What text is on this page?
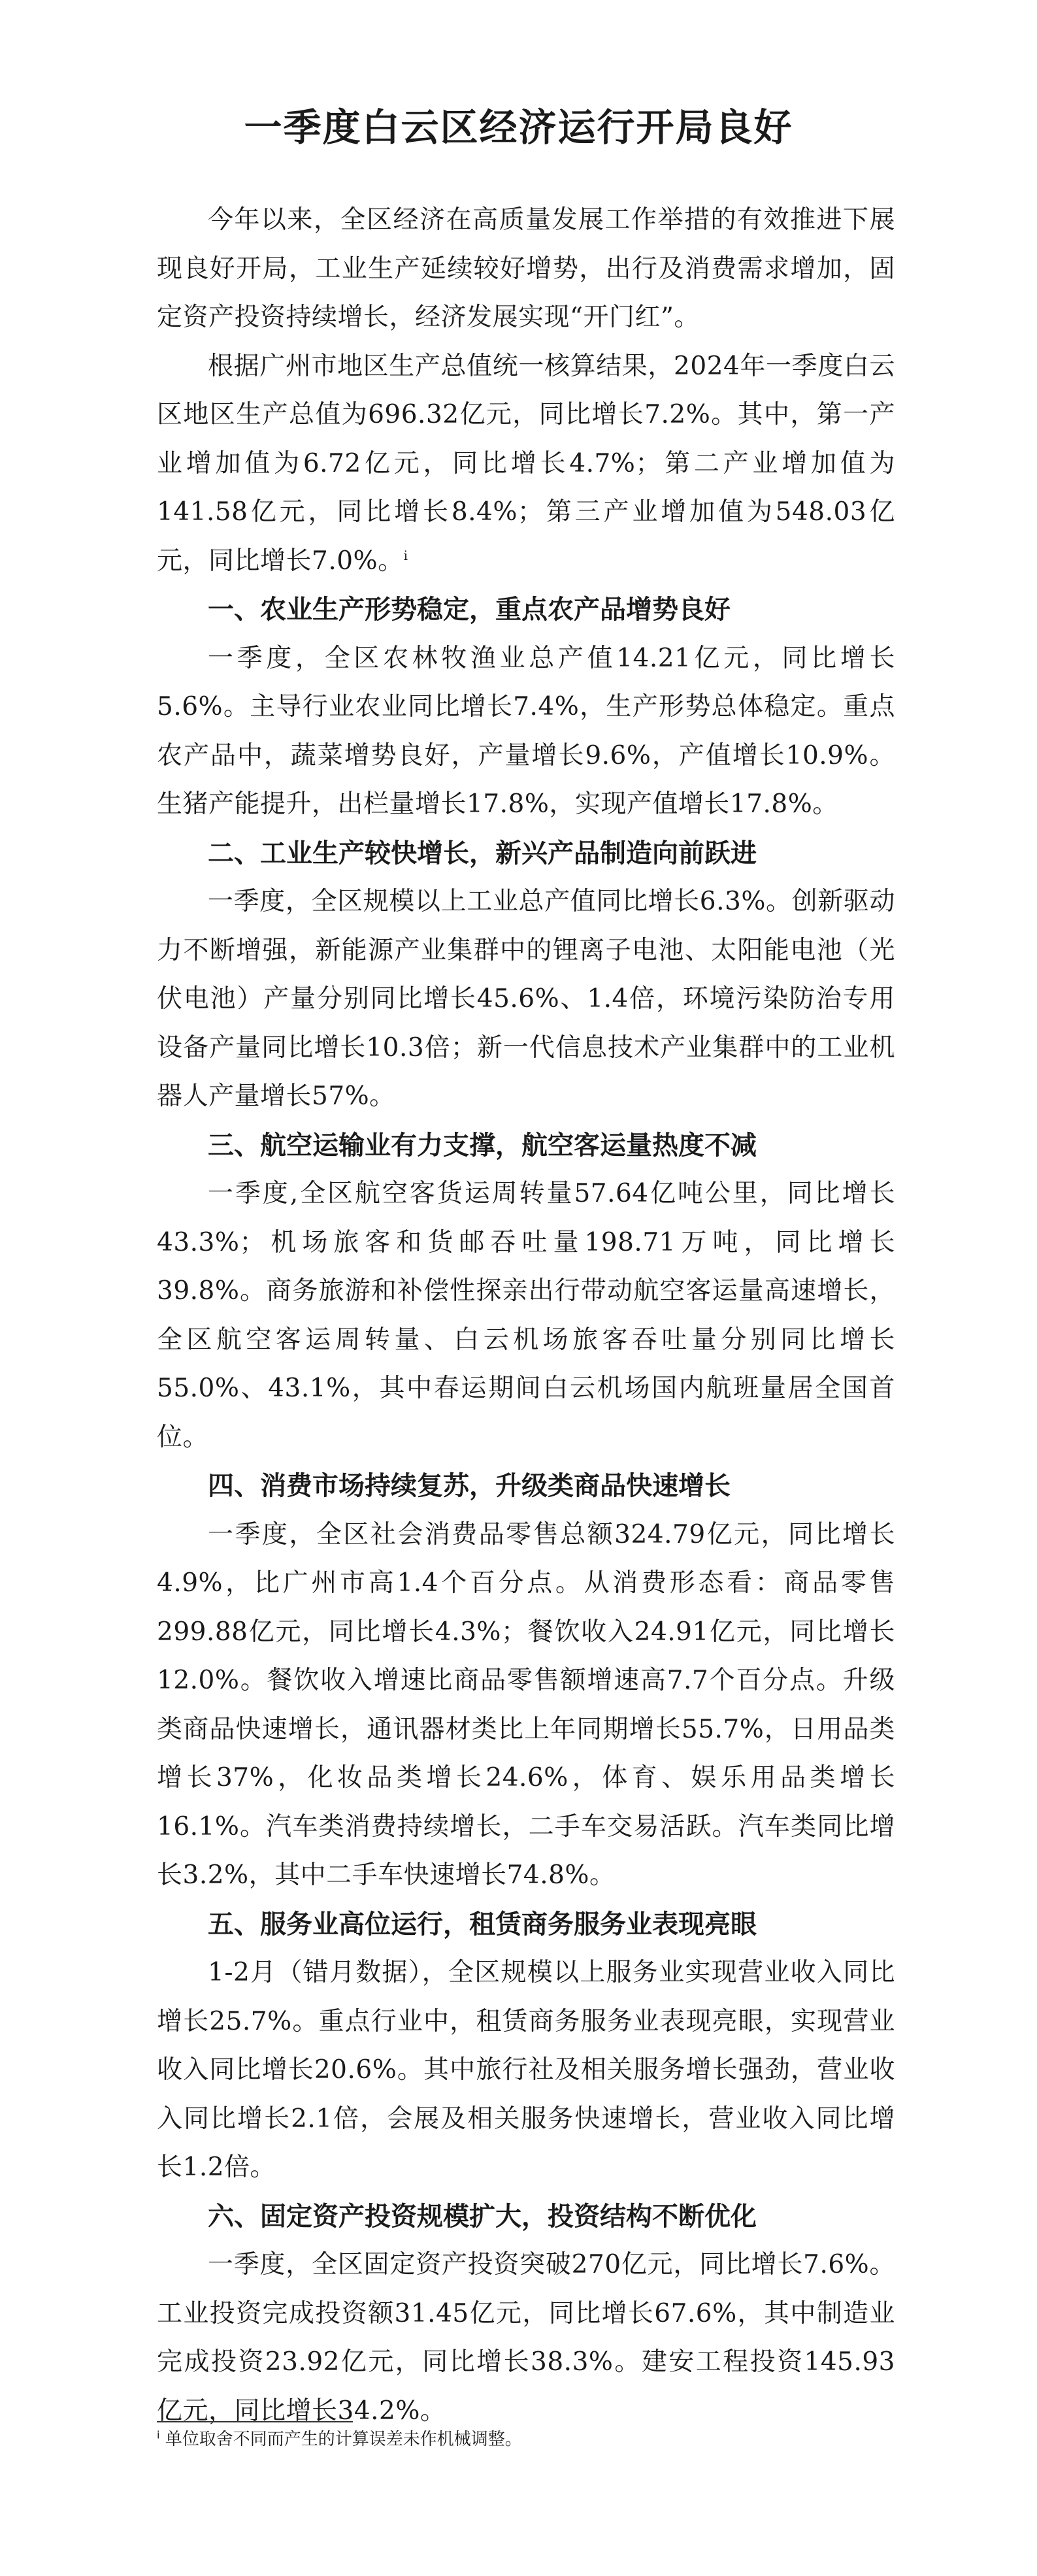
一季度白云区经济运行开局良好

今年以来，全区经济在高质量发展工作举措的有效推进下展现良好开局，工业生产延续较好增势，出行及消费需求增加，固定资产投资持续增长，经济发展实现“开门红”。

根据广州市地区生产总值统一核算结果，2024年一季度白云区地区生产总值为696.32亿元，同比增长7.2%。其中，第一产业增加值为6.72亿元，同比增长4.7%；第二产业增加值为141.58亿元，同比增长8.4%；第三产业增加值为548.03亿元，同比增长7.0%。$^i$

一、农业生产形势稳定，重点农产品增势良好

一季度，全区农林牧渔业总产值14.21亿元，同比增长5.6%。主导行业农业同比增长7.4%，生产形势总体稳定。重点农产品中，蔬菜增势良好，产量增长9.6%，产值增长10.9%。生猪产能提升，出栏量增长17.8%，实现产值增长17.8%。

二、工业生产较快增长，新兴产品制造向前跃进

一季度，全区规模以上工业总产值同比增长6.3%。创新驱动力不断增强，新能源产业集群中的锂离子电池、太阳能电池（光伏电池）产量分别同比增长45.6%、1.4倍，环境污染防治专用设备产量同比增长10.3倍；新一代信息技术产业集群中的工业机器人产量增长57%。

三、航空运输业有力支撑，航空客运量热度不减

一季度,全区航空客货运周转量57.64亿吨公里，同比增长43.3%；机场旅客和货邮吞吐量198.71万吨，同比增长39.8%。商务旅游和补偿性探亲出行带动航空客运量高速增长，全区航空客运周转量、白云机场旅客吞吐量分别同比增长55.0%、43.1%，其中春运期间白云机场国内航班量居全国首位。

四、消费市场持续复苏，升级类商品快速增长

一季度，全区社会消费品零售总额324.79亿元，同比增长4.9%，比广州市高1.4个百分点。从消费形态看：商品零售299.88亿元，同比增长4.3%；餐饮收入24.91亿元，同比增长12.0%。餐饮收入增速比商品零售额增速高7.7个百分点。升级类商品快速增长，通讯器材类比上年同期增长55.7%，日用品类增长37%，化妆品类增长24.6%，体育、娱乐用品类增长16.1%。汽车类消费持续增长，二手车交易活跃。汽车类同比增长3.2%，其中二手车快速增长74.8%。

五、服务业高位运行，租赁商务服务业表现亮眼

1-2月（错月数据），全区规模以上服务业实现营业收入同比增长25.7%。重点行业中，租赁商务服务业表现亮眼，实现营业收入同比增长20.6%。其中旅行社及相关服务增长强劲，营业收入同比增长2.1倍，会展及相关服务快速增长，营业收入同比增长1.2倍。

六、固定资产投资规模扩大，投资结构不断优化

一季度，全区固定资产投资突破270亿元，同比增长7.6%。工业投资完成投资额31.45亿元，同比增长67.6%，其中制造业完成投资23.92亿元，同比增长38.3%。建安工程投资145.93亿元，同比增长34.2%。

$^i$ 单位取舍不同而产生的计算误差未作机械调整。
